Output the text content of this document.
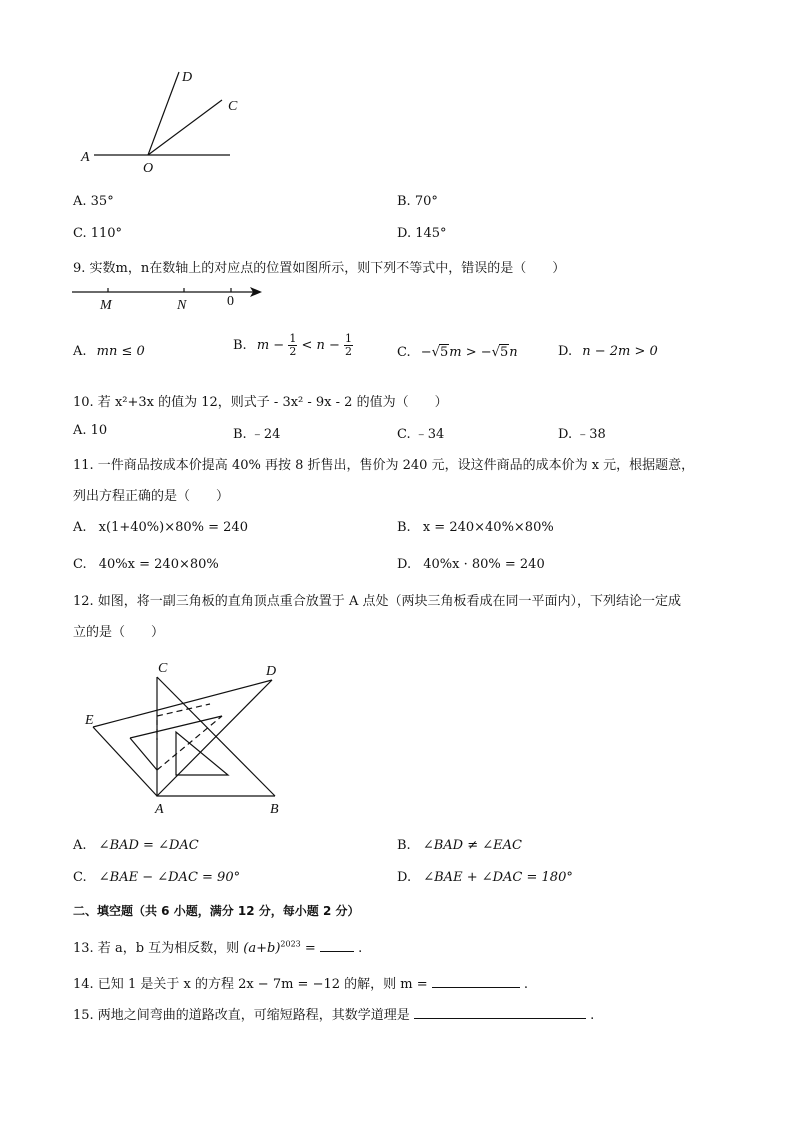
A
O
C
D
A. 35°	B. 70°
C. 110°	D. 145°
9. 实数m，n在数轴上的对应点的位置如图所示，则下列不等式中，错误的是（　　）
M	N	0
A. mn ≤ 0	B. $m - \frac{1}{2} < n - \frac{1}{2}$	C. −√5m > −√5n	D. n − 2m > 0
10. 若 x²+3x 的值为 12，则式子 - 3x² - 9x - 2 的值为（　　）
A. 10	B. ﹣24	C. ﹣34	D. ﹣38
11. 一件商品按成本价提高 40% 再按 8 折售出，售价为 240 元，设这件商品的成本价为 x 元，根据题意，
列出方程正确的是（　　）
A. x(1+40%)×80% = 240	B. x = 240×40%×80%
C. 40%x = 240×80%	D. 40%x · 80% = 240
12. 如图，将一副三角板的直角顶点重合放置于 A 点处（两块三角板看成在同一平面内），下列结论一定成
立的是（　　）
C	D
E
A	B
A. ∠BAD = ∠DAC	B. ∠BAD ≠ ∠EAC
C. ∠BAE − ∠DAC = 90°	D. ∠BAE + ∠DAC = 180°
二、填空题（共 6 小题，满分 12 分，每小题 2 分）
13. 若 a，b 互为相反数，则 $(a+b)^{2023}$ =	.
14. 已知 1 是关于 x 的方程 2x − 7m = −12 的解，则 m =	.
15. 两地之间弯曲的道路改直，可缩短路程，其数学道理是	.
